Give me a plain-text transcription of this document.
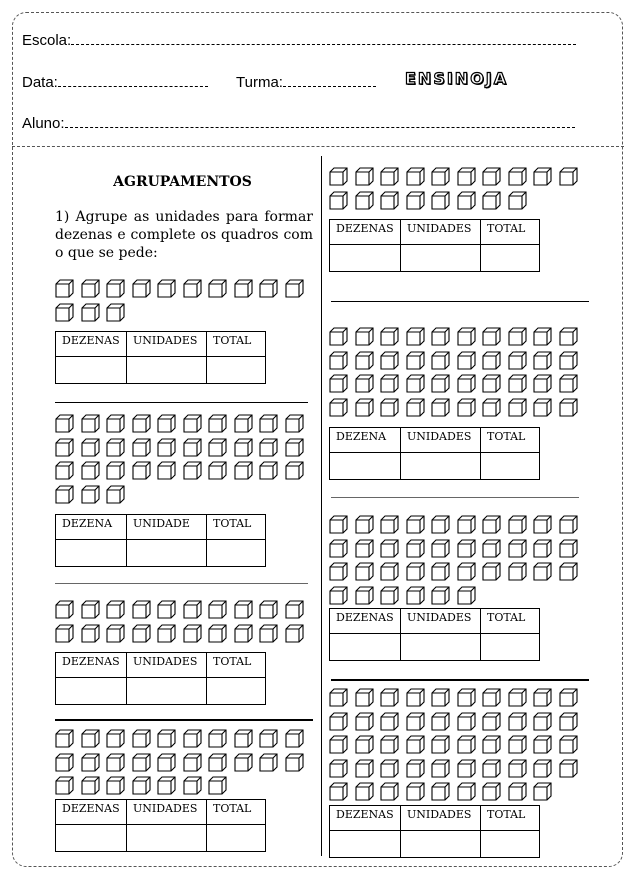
Escola:
Data:	Turma:	ENSINOJA
Aluno:
AGRUPAMENTOS
1) Agrupe as unidades para formar dezenas e complete os quadros com o que se pede:
DEZENAS	UNIDADES	TOTAL

DEZENA	UNIDADE	TOTAL

DEZENAS	UNIDADES	TOTAL

DEZENAS	UNIDADES	TOTAL

DEZENAS	UNIDADES	TOTAL

DEZENA	UNIDADES	TOTAL

DEZENAS	UNIDADES	TOTAL

DEZENAS	UNIDADES	TOTAL
